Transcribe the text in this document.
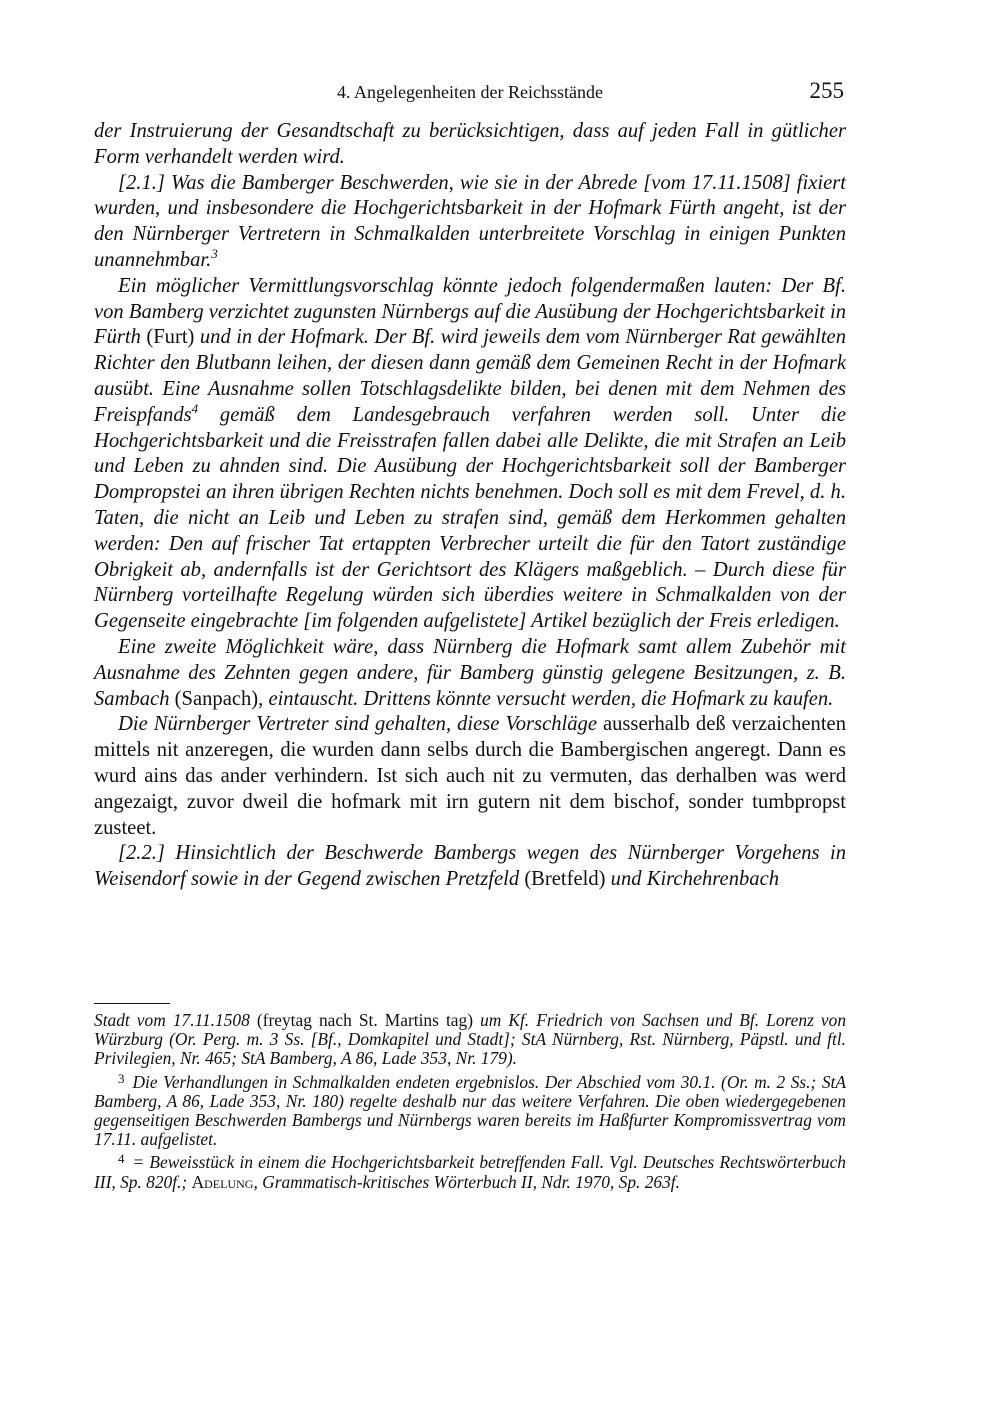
4. Angelegenheiten der Reichsstände	255

der Instruierung der Gesandtschaft zu berücksichtigen, dass auf jeden Fall in gütlicher Form verhandelt werden wird.

[2.1.] Was die Bamberger Beschwerden, wie sie in der Abrede [vom 17.11.1508] fixiert wurden, und insbesondere die Hochgerichtsbarkeit in der Hofmark Fürth angeht, ist der den Nürnberger Vertretern in Schmalkalden unterbreitete Vorschlag in einigen Punkten unannehmbar.$^3$

Ein möglicher Vermittlungsvorschlag könnte jedoch folgendermaßen lauten: Der Bf. von Bamberg verzichtet zugunsten Nürnbergs auf die Ausübung der Hochgerichtsbarkeit in Fürth (Furt) und in der Hofmark. Der Bf. wird jeweils dem vom Nürnberger Rat gewählten Richter den Blutbann leihen, der diesen dann gemäß dem Gemeinen Recht in der Hofmark ausübt. Eine Ausnahme sollen Totschlagsdelikte bilden, bei denen mit dem Nehmen des Freispfands$^4$ gemäß dem Landesgebrauch verfahren werden soll. Unter die Hochgerichtsbarkeit und die Freisstrafen fallen dabei alle Delikte, die mit Strafen an Leib und Leben zu ahnden sind. Die Ausübung der Hochgerichtsbarkeit soll der Bamberger Dompropstei an ihren übrigen Rechten nichts benehmen. Doch soll es mit dem Frevel, d. h. Taten, die nicht an Leib und Leben zu strafen sind, gemäß dem Herkommen gehalten werden: Den auf frischer Tat ertappten Verbrecher urteilt die für den Tatort zuständige Obrigkeit ab, andernfalls ist der Gerichtsort des Klägers maßgeblich. – Durch diese für Nürnberg vorteilhafte Regelung würden sich überdies weitere in Schmalkalden von der Gegenseite eingebrachte [im folgenden aufgelistete] Artikel bezüglich der Freis erledigen.

Eine zweite Möglichkeit wäre, dass Nürnberg die Hofmark samt allem Zubehör mit Ausnahme des Zehnten gegen andere, für Bamberg günstig gelegene Besitzungen, z. B. Sambach (Sanpach), eintauscht. Drittens könnte versucht werden, die Hofmark zu kaufen.

Die Nürnberger Vertreter sind gehalten, diese Vorschläge ausserhalb deß verzaichenten mittels nit anzeregen, die wurden dann selbs durch die Bambergischen angeregt. Dann es wurd ains das ander verhindern. Ist sich auch nit zu vermuten, das derhalben was werd angezaigt, zuvor dweil die hofmark mit irn gutern nit dem bischof, sonder tumbpropst zusteet.

[2.2.] Hinsichtlich der Beschwerde Bambergs wegen des Nürnberger Vorgehens in Weisendorf sowie in der Gegend zwischen Pretzfeld (Bretfeld) und Kirchehrenbach

Stadt vom 17.11.1508 (freytag nach St. Martins tag) um Kf. Friedrich von Sachsen und Bf. Lorenz von Würzburg (Or. Perg. m. 3 Ss. [Bf., Domkapitel und Stadt]; StA Nürnberg, Rst. Nürnberg, Päpstl. und ftl. Privilegien, Nr. 465; StA Bamberg, A 86, Lade 353, Nr. 179).

$^3$ Die Verhandlungen in Schmalkalden endeten ergebnislos. Der Abschied vom 30.1. (Or. m. 2 Ss.; StA Bamberg, A 86, Lade 353, Nr. 180) regelte deshalb nur das weitere Verfahren. Die oben wiedergegebenen gegenseitigen Beschwerden Bambergs und Nürnbergs waren bereits im Haßfurter Kompromissvertrag vom 17.11. aufgelistet.

$^4$ = Beweisstück in einem die Hochgerichtsbarkeit betreffenden Fall. Vgl. Deutsches Rechtswörterbuch III, Sp. 820f.; Adelung, Grammatisch-kritisches Wörterbuch II, Ndr. 1970, Sp. 263f.
